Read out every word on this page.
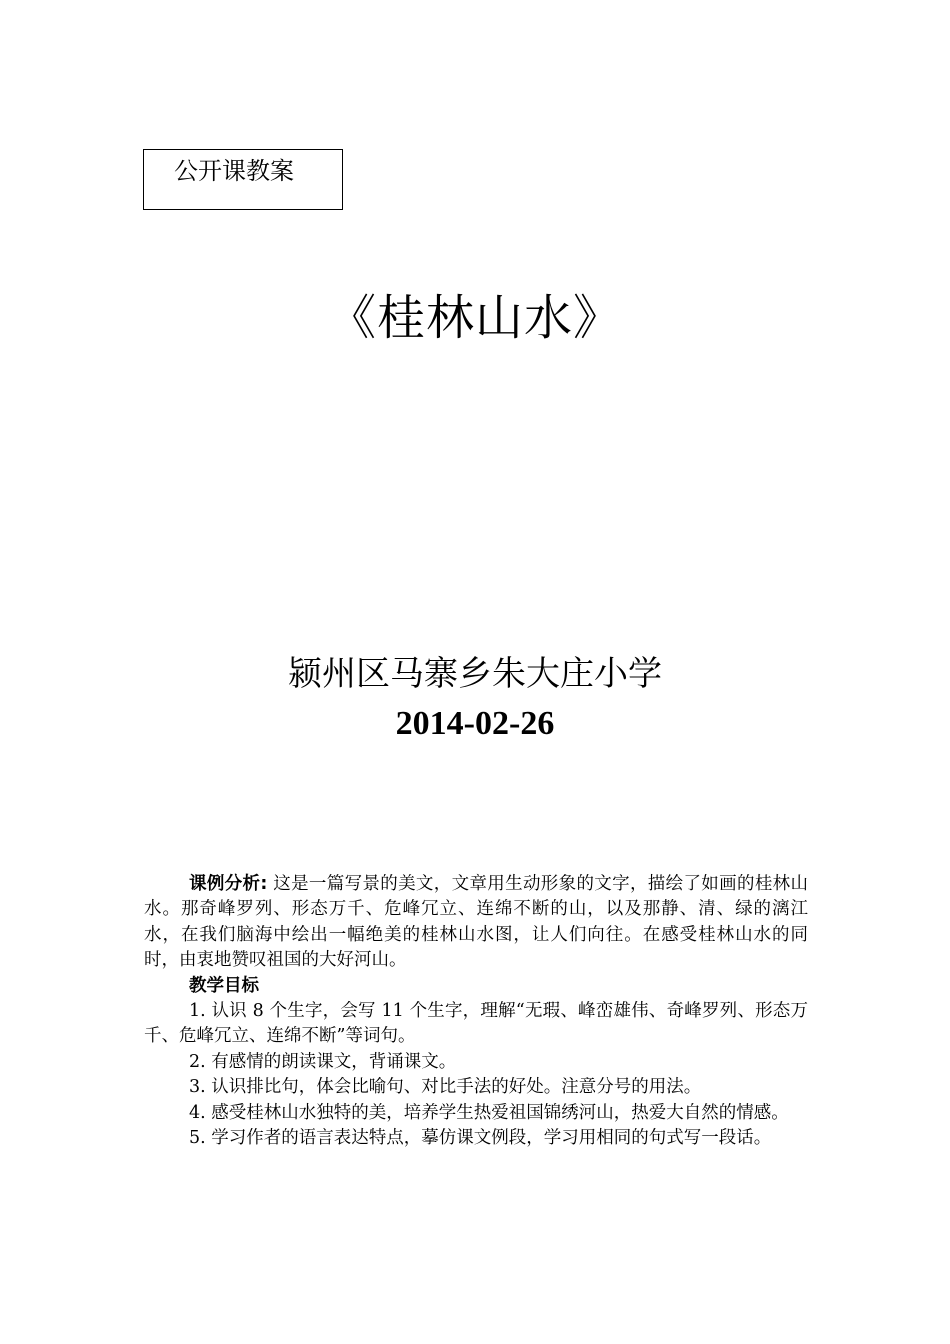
公开课教案
《桂林山水》
颍州区马寨乡朱大庄小学
2014-02-26

课例分析: 这是一篇写景的美文，文章用生动形象的文字，描绘了如画的桂林山水。那奇峰罗列、形态万千、危峰冗立、连绵不断的山，以及那静、清、绿的漓江水，在我们脑海中绘出一幅绝美的桂林山水图，让人们向往。在感受桂林山水的同时，由衷地赞叹祖国的大好河山。

教学目标

1. 认识 8 个生字，会写 11 个生字，理解“无瑕、峰峦雄伟、奇峰罗列、形态万千、危峰冗立、连绵不断”等词句。

2. 有感情的朗读课文，背诵课文。

3. 认识排比句，体会比喻句、对比手法的好处。注意分号的用法。

4. 感受桂林山水独特的美，培养学生热爱祖国锦绣河山，热爱大自然的情感。

5. 学习作者的语言表达特点，摹仿课文例段，学习用相同的句式写一段话。
